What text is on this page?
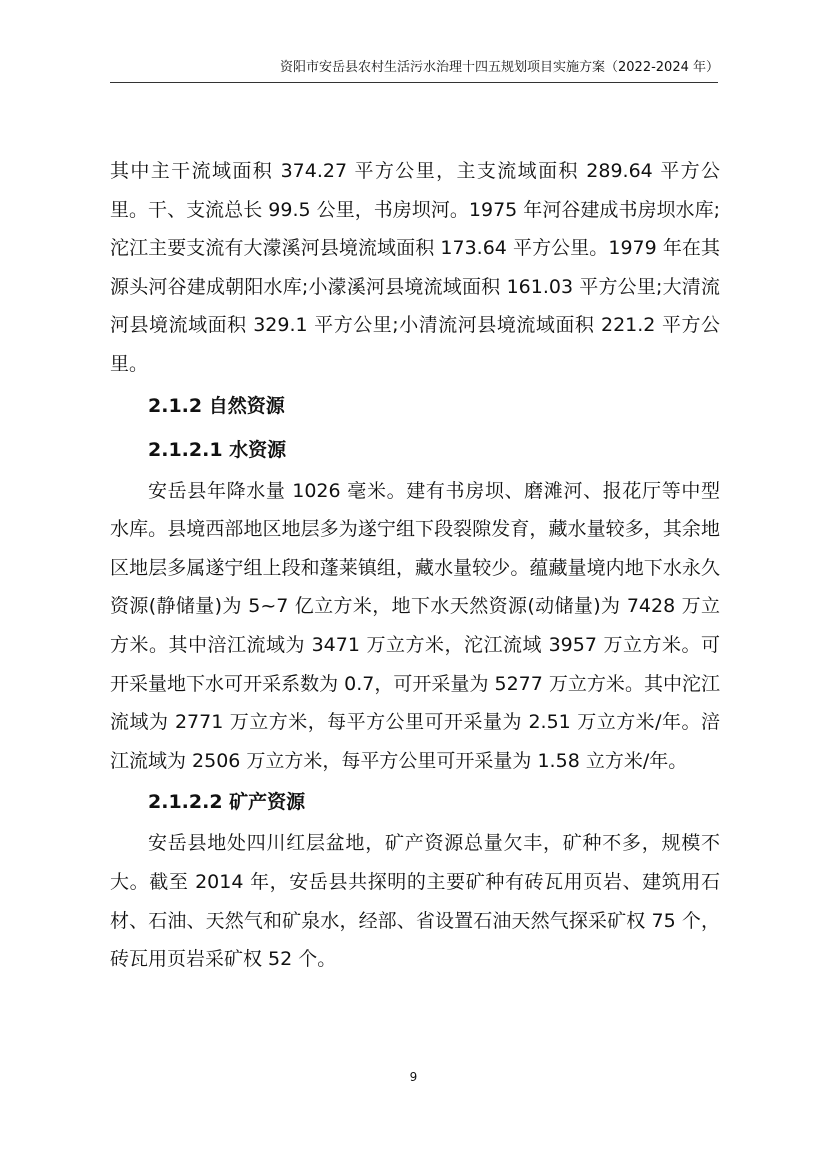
资阳市安岳县农村生活污水治理十四五规划项目实施方案（2022-2024 年）

其中主干流域面积 374.27 平方公里，主支流域面积 289.64 平方公里。干、支流总长 99.5 公里，书房坝河。1975 年河谷建成书房坝水库;沱江主要支流有大濛溪河县境流域面积 173.64 平方公里。1979 年在其源头河谷建成朝阳水库;小濛溪河县境流域面积 161.03 平方公里;大清流河县境流域面积 329.1 平方公里;小清流河县境流域面积 221.2 平方公里。

2.1.2 自然资源
2.1.2.1 水资源

安岳县年降水量 1026 毫米。建有书房坝、磨滩河、报花厅等中型水库。县境西部地区地层多为遂宁组下段裂隙发育，藏水量较多，其余地区地层多属遂宁组上段和蓬莱镇组，藏水量较少。蕴藏量境内地下水永久资源(静储量)为 5~7 亿立方米，地下水天然资源(动储量)为 7428 万立方米。其中涪江流域为 3471 万立方米，沱江流域 3957 万立方米。可开采量地下水可开采系数为 0.7，可开采量为 5277 万立方米。其中沱江流域为 2771 万立方米，每平方公里可开采量为 2.51 万立方米/年。涪江流域为 2506 万立方米，每平方公里可开采量为 1.58 立方米/年。

2.1.2.2 矿产资源

安岳县地处四川红层盆地，矿产资源总量欠丰，矿种不多，规模不大。截至 2014 年，安岳县共探明的主要矿种有砖瓦用页岩、建筑用石材、石油、天然气和矿泉水，经部、省设置石油天然气探采矿权 75 个，砖瓦用页岩采矿权 52 个。

9
